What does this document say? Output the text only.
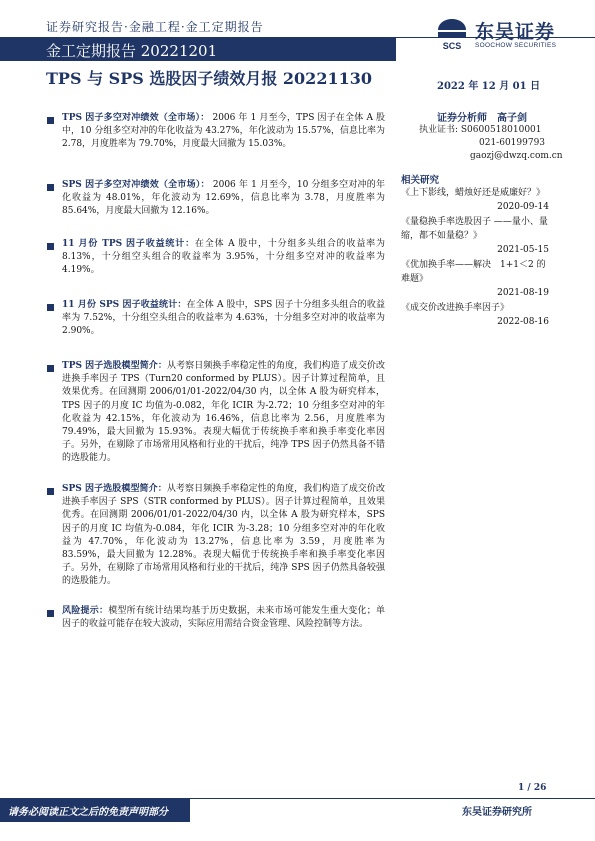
证券研究报告·金融工程·金工定期报告
金工定期报告 20221201	SCS
东吴证券
SOOCHOW SECURITIES
TPS 与 SPS 选股因子绩效月报 20221130	2022 年 12 月 01 日
证券分析师　高子剑
执业证书: S0600518010001
021-60199793
gaozj@dwzq.com.cn
相关研究
《上下影线，蜡烛好还是威廉好？》
2020-09-14
《量稳换手率选股因子 ——量小、量缩，都不如量稳？》
2021-05-15
《优加换手率——解决　1+1＜2 的难题》
2021-08-19
《成交价改进换手率因子》
2022-08-16
TPS 因子多空对冲绩效（全市场）： 2006 年 1 月至今，TPS 因子在全体 A 股中，10 分组多空对冲的年化收益为 43.27%，年化波动为 15.57%，信息比率为 2.78，月度胜率为 79.70%，月度最大回撤为 15.03%。
SPS 因子多空对冲绩效（全市场）： 2006 年 1 月至今，10 分组多空对冲的年化收益为 48.01%，年化波动为 12.69%，信息比率为 3.78，月度胜率为 85.64%，月度最大回撤为 12.16%。
11 月份 TPS 因子收益统计：在全体 A 股中，十分组多头组合的收益率为 8.13%，十分组空头组合的收益率为 3.95%，十分组多空对冲的收益率为 4.19%。
11 月份 SPS 因子收益统计：在全体 A 股中，SPS 因子十分组多头组合的收益率为 7.52%，十分组空头组合的收益率为 4.63%，十分组多空对冲的收益率为 2.90%。
TPS 因子选股模型简介：从考察日频换手率稳定性的角度，我们构造了成交价改进换手率因子 TPS（Turn20 conformed by PLUS）。因子计算过程简单，且效果优秀。在回测期 2006/01/01-2022/04/30 内，以全体 A 股为研究样本，TPS 因子的月度 IC 均值为-0.082，年化 ICIR 为-2.72；10 分组多空对冲的年化收益为 42.15%，年化波动为 16.46%，信息比率为 2.56，月度胜率为 79.49%，最大回撤为 15.93%。表现大幅优于传统换手率和换手率变化率因子。另外，在剔除了市场常用风格和行业的干扰后，纯净 TPS 因子仍然具备不错的选股能力。
SPS 因子选股模型简介：从考察日频换手率稳定性的角度，我们构造了成交价改进换手率因子 SPS（STR conformed by PLUS）。因子计算过程简单，且效果优秀。在回测期 2006/01/01-2022/04/30 内，以全体 A 股为研究样本，SPS 因子的月度 IC 均值为-0.084，年化 ICIR 为-3.28；10 分组多空对冲的年化收益为 47.70%，年化波动为 13.27%，信息比率为 3.59，月度胜率为 83.59%，最大回撤为 12.28%。表现大幅优于传统换手率和换手率变化率因子。另外，在剔除了市场常用风格和行业的干扰后，纯净 SPS 因子仍然具备较强的选股能力。
风险提示：模型所有统计结果均基于历史数据，未来市场可能发生重大变化；单因子的收益可能存在较大波动，实际应用需结合资金管理、风险控制等方法。
1 / 26
请务必阅读正文之后的免责声明部分	东吴证券研究所
